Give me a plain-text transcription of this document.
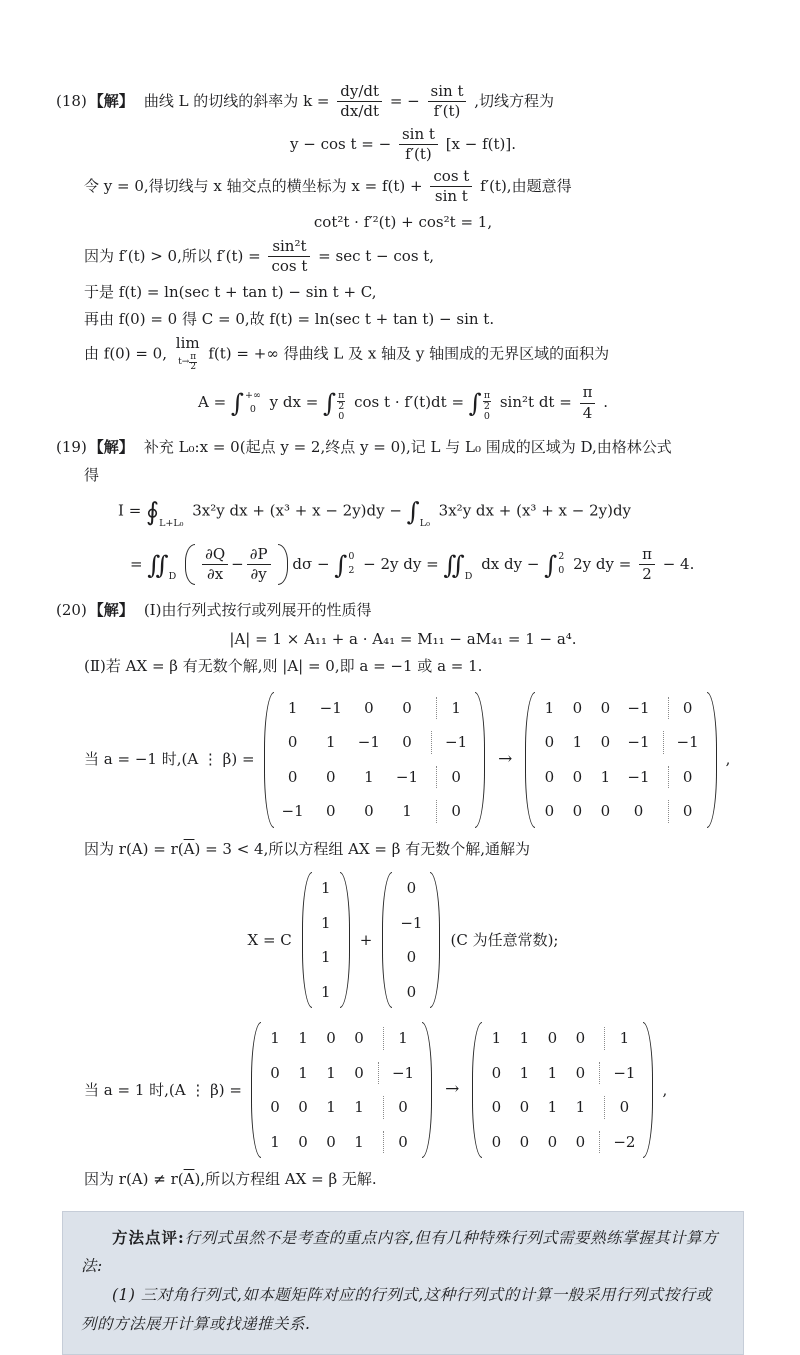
(18) 【解】 曲线 L 的切线的斜率为 $k = \frac{dy/dt}{dx/dt}$ = − $\frac{\text{sin t}}{f'(t)}$ ,切线方程为
y − cos t = − $\frac{\text{sin t}}{f'(t)} [x - f(t)]$.
令 y = 0,得切线与 x 轴交点的横坐标为 $x = f(t) + \frac{\text{cos t}}{\text{sin t}} f'(t)$,由题意得
cot²t · f′²(t) + cos²t = 1,
因为 f′(t) > 0,所以 $f'(t) = \frac{\text{sin²t}}{\text{cos t}} = \sec t - \cos t$,
于是 f(t) = ln(sec t + tan t) − sin t + C,
再由 f(0) = 0 得 C = 0,故 f(t) = ln(sec t + tan t) − sin t.
由 f(0) = 0,
lim
$t\to \frac{\pi}{2} f(t)$ = +∞ 得曲线 L 及 x 轴及 y 轴围成的无界区域的面积为
A = ∫ +∞
0 y dx = ∫ $\frac{\pi}{2}$
0
cos t · f′(t)dt = ∫ $\frac{\pi}{2}$
0
sin²t dt = $\frac{\pi}{4}$ .
(19) 【解】 补充 L₀:x = 0(起点 y = 2,终点 y = 0),记 L 与 L₀ 围成的区域为 D,由格林公式
得
$I = ∮_{L+L_0}$ 3x²y dx + $(x^3 + x - 2y)dy - \int_{L_0}$ 3x²y dx + (x³ + x − 2y)dy
= $∬_D \frac{\partial Q}{\partial x} - \frac{\partial P}{\partial y}$ dσ − ∫ 0
2 − 2y dy = $∬_D$ dx dy − ∫ 2
0 2y dy = $\frac{\pi}{2} - 4$.
(20) 【解】 (Ⅰ)由行列式按行或列展开的性质得
|A| = 1 × A₁₁ + a · A₄₁ = M₁₁ − aM₄₁ = 1 − a⁴.
(Ⅱ)若 AX = β 有无数个解,则 |A| = 0,即 a = −1 或 a = 1.
当 a = −1 时,(A ⋮ β) =
1 −1 0 0	1
0 1 −1 0	−1
0 0 1 −1	0
−1 0 0 1	0
→
1 0 0 −1	0
0 1 0 −1	−1
0 0 1 −1	0
0 0 0 0	0
,
因为 $r(A) = r(\overline{A}) = 3 < 4$,所以方程组 AX = β 有无数个解,通解为
X = C
1
1
1
1
+
0
−1
0
0
(C 为任意常数);
当 a = 1 时,(A ⋮ β) =
1 1 0 0	1
0 1 1 0	−1
0 0 1 1	0
1 0 0 1	0
→
1 1 0 0	1
0 1 1 0	−1
0 0 1 1	0
0 0 0 0	−2
,
因为 $r(A) \ne r(\overline{A})$,所以方程组 AX = β 无解.
方法点评:行列式虽然不是考查的重点内容,但有几种特殊行列式需要熟练掌握其计算方法:
(1) 三对角行列式,如本题矩阵对应的行列式,这种行列式的计算一般采用行列式按行或列的方法展开计算或找递推关系.
